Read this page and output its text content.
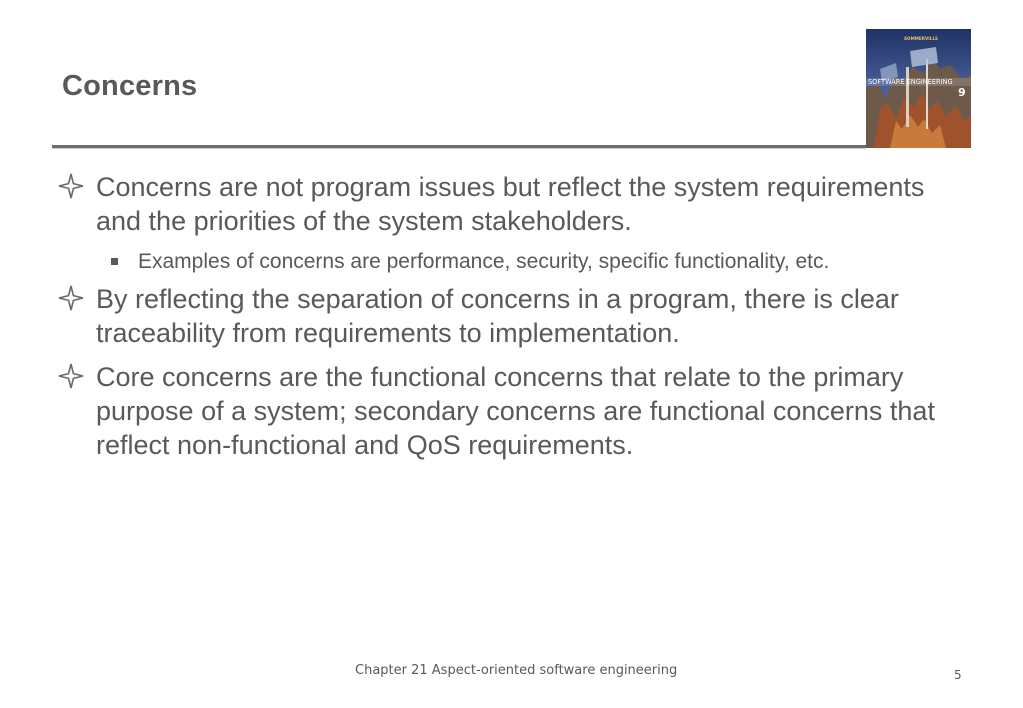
Concerns
SOMMERVILLE
SOFTWARE ENGINEERING
9
Concerns are not program issues but reflect the system requirements and the priorities of the system stakeholders.
Examples of concerns are performance, security, specific functionality, etc.
By reflecting the separation of concerns in a program, there is clear traceability from requirements to implementation.
Core concerns are the functional concerns that relate to the primary purpose of a system; secondary concerns are functional concerns that reflect non-functional and QoS requirements.
Chapter 21 Aspect-oriented software engineering	5
